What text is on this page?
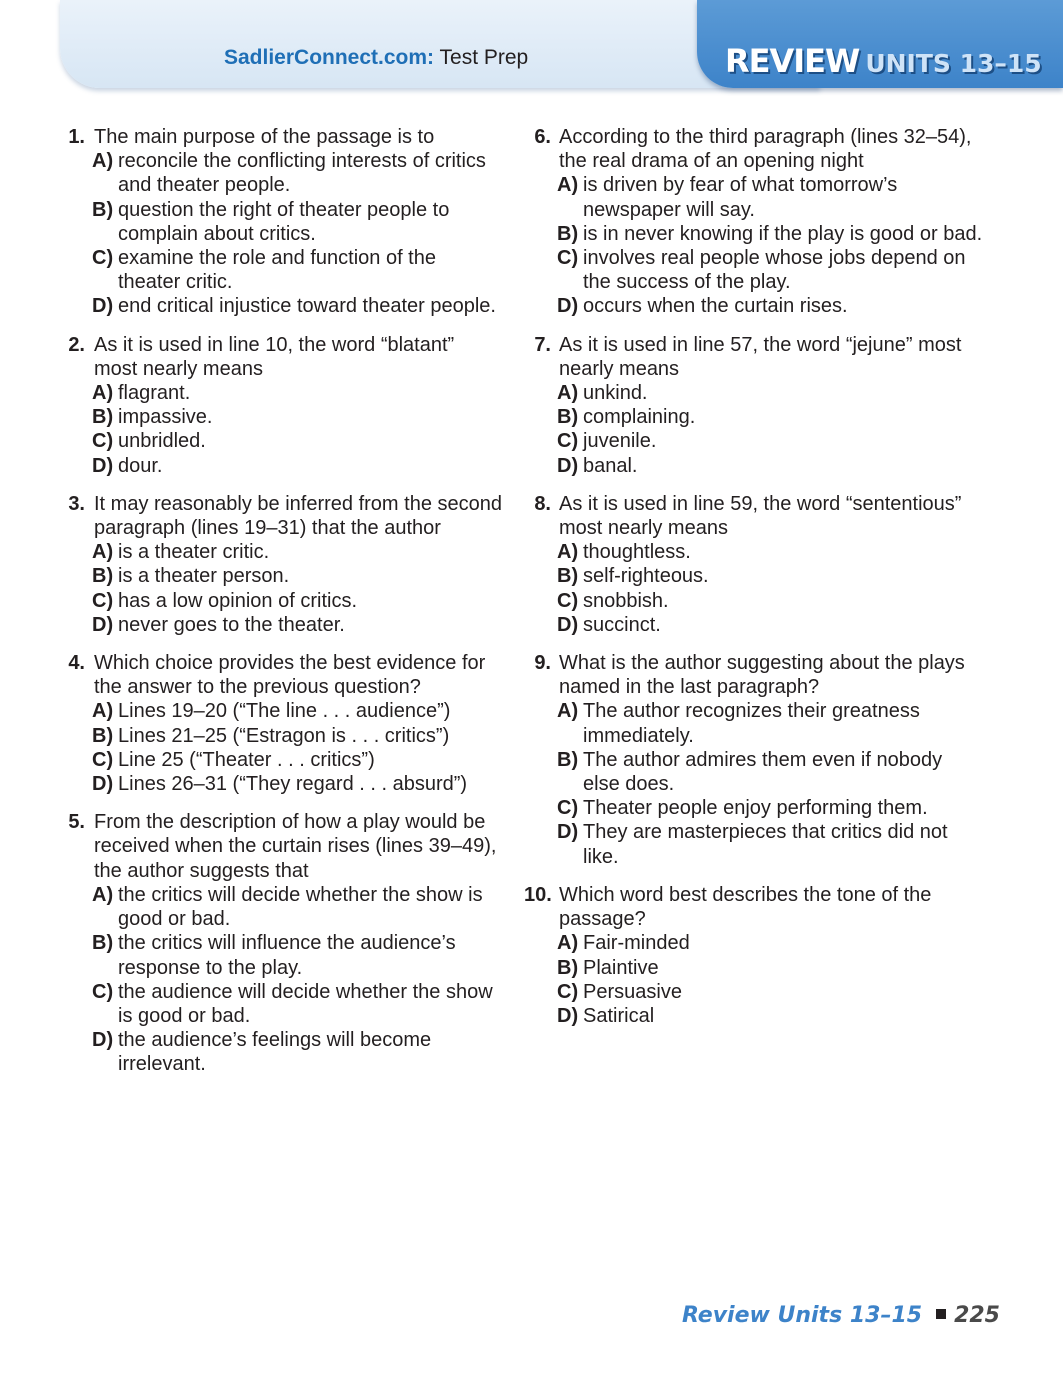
SadlierConnect.com: Test Prep	REVIEW UNITS 13–15
1. The main purpose of the passage is to
A) reconcile the conflicting interests of critics and theater people.
B) question the right of theater people to complain about critics.
C) examine the role and function of the theater critic.
D) end critical injustice toward theater people.
2. As it is used in line 10, the word “blatant” most nearly means
A) flagrant.
B) impassive.
C) unbridled.
D) dour.
3. It may reasonably be inferred from the second paragraph (lines 19–31) that the author
A) is a theater critic.
B) is a theater person.
C) has a low opinion of critics.
D) never goes to the theater.
4. Which choice provides the best evidence for the answer to the previous question?
A) Lines 19–20 (“The line . . . audience”)
B) Lines 21–25 (“Estragon is . . . critics”)
C) Line 25 (“Theater . . . critics”)
D) Lines 26–31 (“They regard . . . absurd”)
5. From the description of how a play would be received when the curtain rises (lines 39–49), the author suggests that
A) the critics will decide whether the show is good or bad.
B) the critics will influence the audience’s response to the play.
C) the audience will decide whether the show is good or bad.
D) the audience’s feelings will become irrelevant.
6. According to the third paragraph (lines 32–54), the real drama of an opening night
A) is driven by fear of what tomorrow’s newspaper will say.
B) is in never knowing if the play is good or bad.
C) involves real people whose jobs depend on the success of the play.
D) occurs when the curtain rises.
7. As it is used in line 57, the word “jejune” most nearly means
A) unkind.
B) complaining.
C) juvenile.
D) banal.
8. As it is used in line 59, the word “sententious” most nearly means
A) thoughtless.
B) self-righteous.
C) snobbish.
D) succinct.
9. What is the author suggesting about the plays named in the last paragraph?
A) The author recognizes their greatness immediately.
B) The author admires them even if nobody else does.
C) Theater people enjoy performing them.
D) They are masterpieces that critics did not like.
10. Which word best describes the tone of the passage?
A) Fair-minded
B) Plaintive
C) Persuasive
D) Satirical
Review Units 13–15 225
